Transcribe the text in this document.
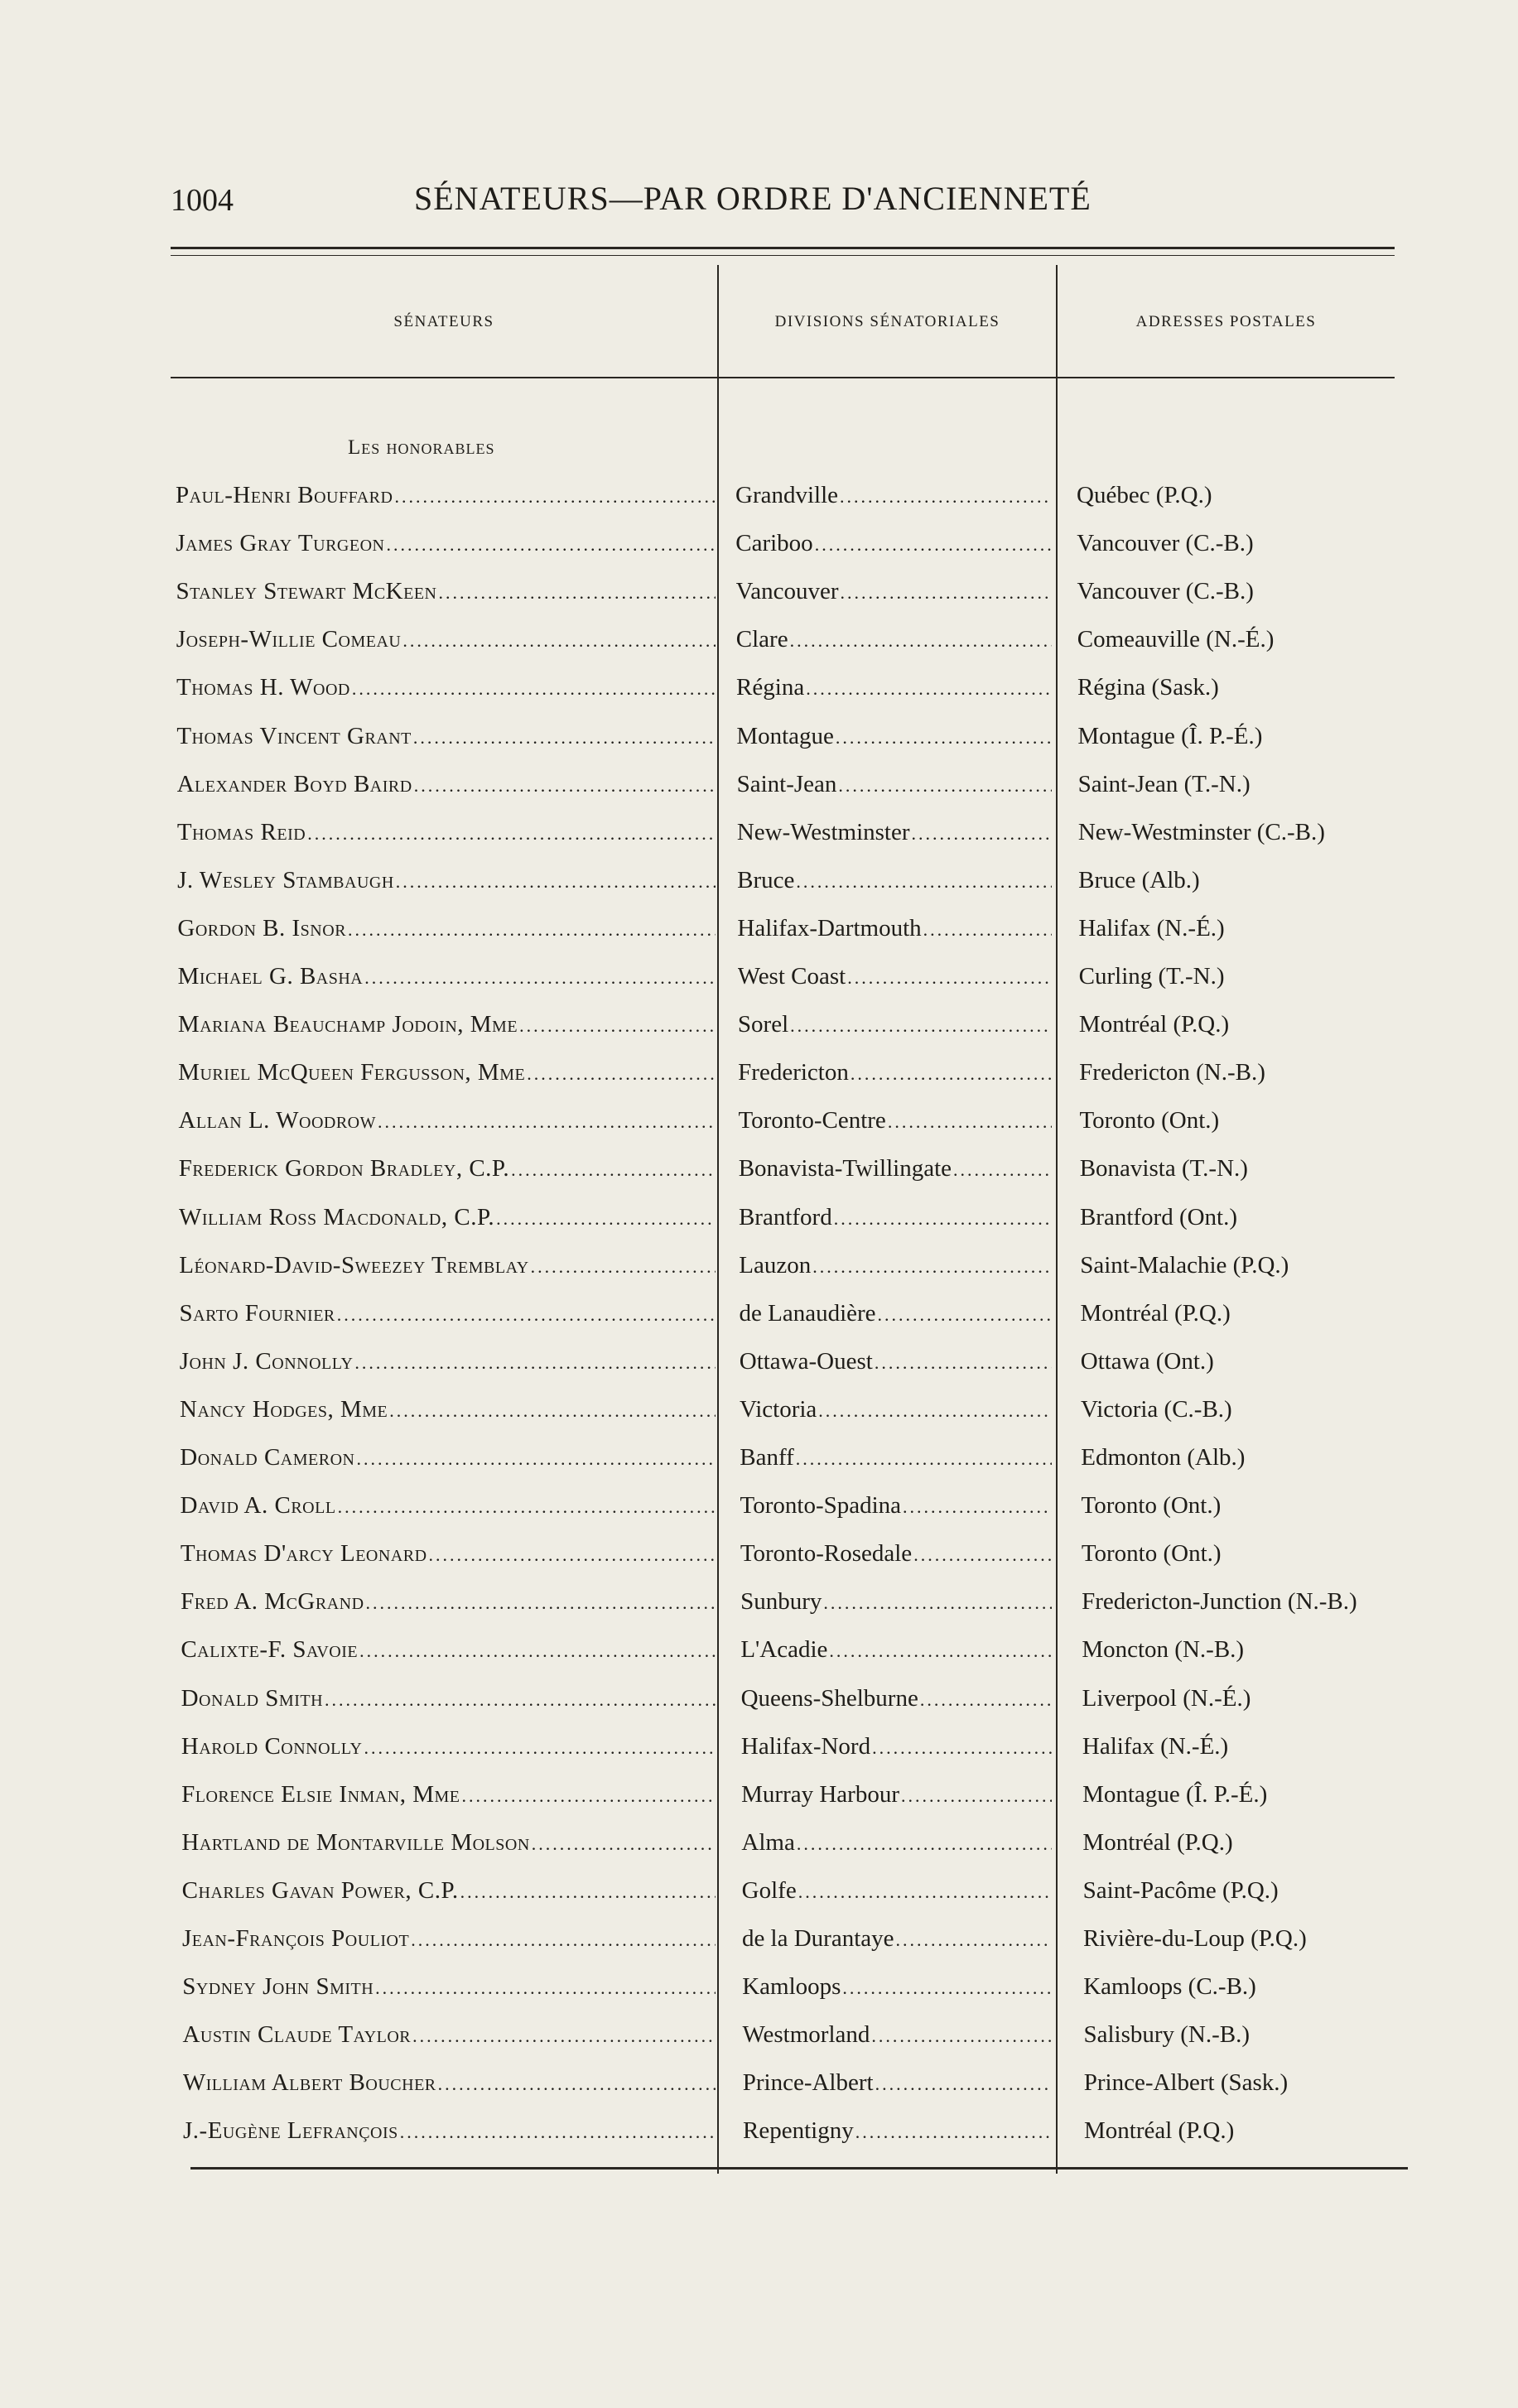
1004	SÉNATEURS—PAR ORDRE D'ANCIENNETÉ
SÉNATEURS	DIVISIONS SÉNATORIALES	ADRESSES POSTALES
Les honorables
Paul-Henri Bouffard .....	Grandville .....	Québec (P.Q.)
James Gray Turgeon .....	Cariboo .....	Vancouver (C.-B.)
Stanley Stewart McKeen .....	Vancouver .....	Vancouver (C.-B.)
Joseph-Willie Comeau .....	Clare .....	Comeauville (N.-É.)
Thomas H. Wood .....	Régina .....	Régina (Sask.)
Thomas Vincent Grant .....	Montague .....	Montague (Î. P.-É.)
Alexander Boyd Baird .....	Saint-Jean .....	Saint-Jean (T.-N.)
Thomas Reid .....	New-Westminster .....	New-Westminster (C.-B.)
J. Wesley Stambaugh .....	Bruce .....	Bruce (Alb.)
Gordon B. Isnor .....	Halifax-Dartmouth .....	Halifax (N.-É.)
Michael G. Basha .....	West Coast .....	Curling (T.-N.)
Mariana Beauchamp Jodoin, Mme .....	Sorel .....	Montréal (P.Q.)
Muriel McQueen Fergusson, Mme .....	Fredericton .....	Fredericton (N.-B.)
Allan L. Woodrow .....	Toronto-Centre .....	Toronto (Ont.)
Frederick Gordon Bradley, C.P. .....	Bonavista-Twillingate .....	Bonavista (T.-N.)
William Ross Macdonald, C.P. .....	Brantford .....	Brantford (Ont.)
Léonard-David-Sweezey Tremblay .....	Lauzon .....	Saint-Malachie (P.Q.)
Sarto Fournier .....	de Lanaudière .....	Montréal (P.Q.)
John J. Connolly .....	Ottawa-Ouest .....	Ottawa (Ont.)
Nancy Hodges, Mme .....	Victoria .....	Victoria (C.-B.)
Donald Cameron .....	Banff .....	Edmonton (Alb.)
David A. Croll .....	Toronto-Spadina .....	Toronto (Ont.)
Thomas D'arcy Leonard .....	Toronto-Rosedale .....	Toronto (Ont.)
Fred A. McGrand .....	Sunbury .....	Fredericton-Junction (N.-B.)
Calixte-F. Savoie .....	L'Acadie .....	Moncton (N.-B.)
Donald Smith .....	Queens-Shelburne .....	Liverpool (N.-É.)
Harold Connolly .....	Halifax-Nord .....	Halifax (N.-É.)
Florence Elsie Inman, Mme .....	Murray Harbour .....	Montague (Î. P.-É.)
Hartland de Montarville Molson .....	Alma .....	Montréal (P.Q.)
Charles Gavan Power, C.P. .....	Golfe .....	Saint-Pacôme (P.Q.)
Jean-François Pouliot .....	de la Durantaye .....	Rivière-du-Loup (P.Q.)
Sydney John Smith .....	Kamloops .....	Kamloops (C.-B.)
Austin Claude Taylor .....	Westmorland .....	Salisbury (N.-B.)
William Albert Boucher .....	Prince-Albert .....	Prince-Albert (Sask.)
J.-Eugène Lefrançois .....	Repentigny .....	Montréal (P.Q.)
